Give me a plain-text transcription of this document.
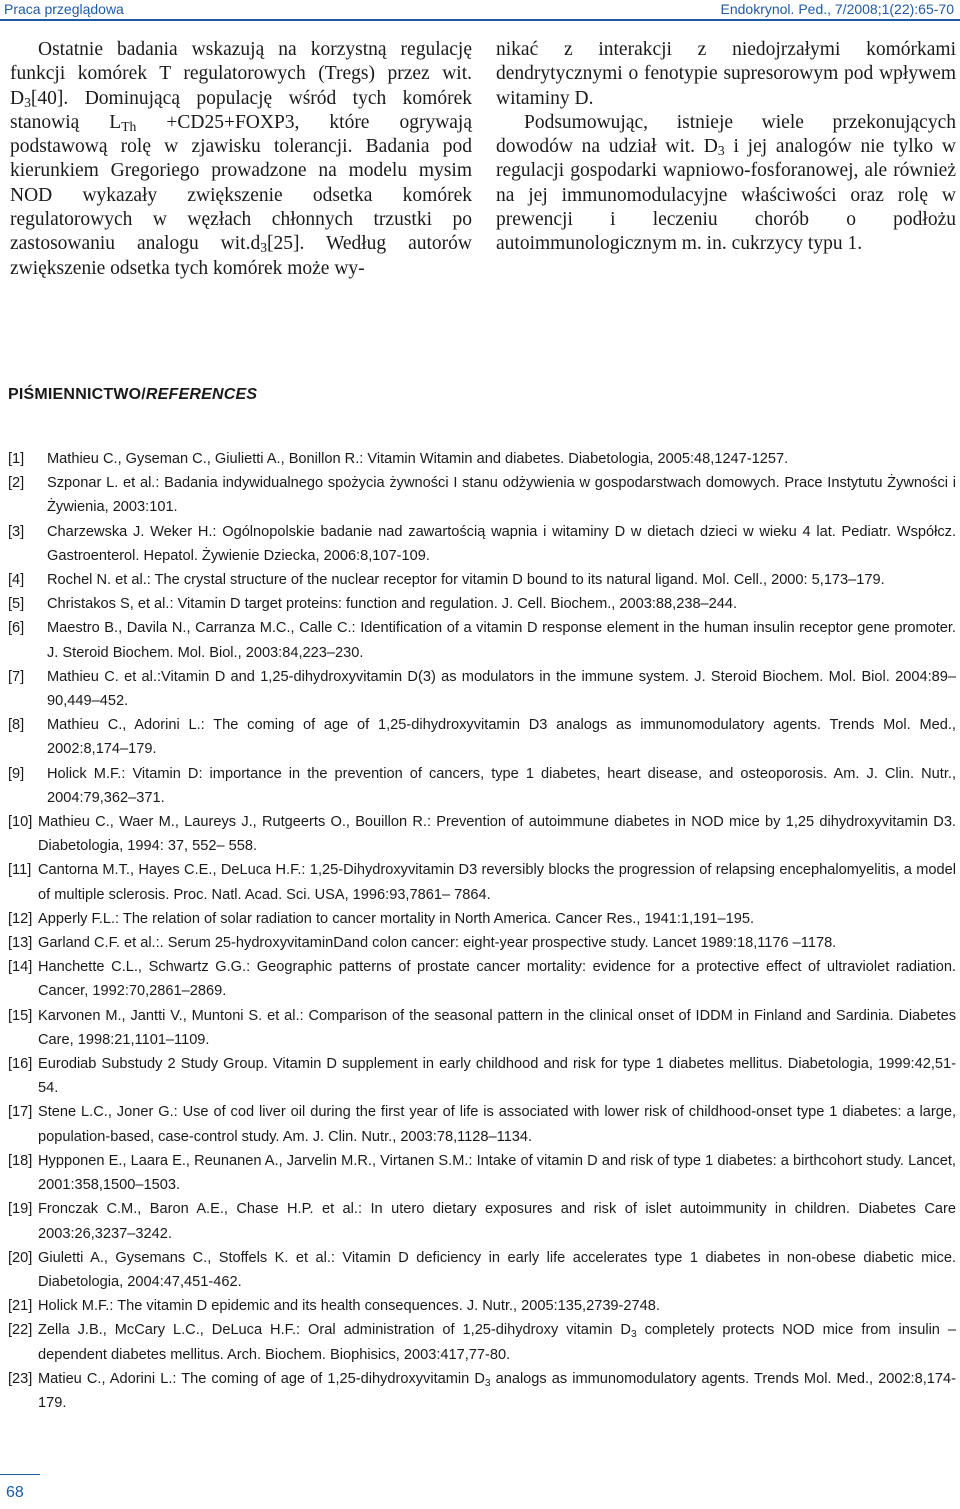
Praca przeglądowa	Endokrynol. Ped., 7/2008;1(22):65-70

Ostatnie badania wskazują na korzystną regulację funkcji komórek T regulatorowych (Tregs) przez wit. $D_3[40]$. Dominującą populację wśród tych komórek stanowią $L_{Th}$ +CD25+FOXP3, które ogrywają podstawową rolę w zjawisku tolerancji. Badania pod kierunkiem Gregoriego prowadzone na modelu mysim NOD wykazały zwiększenie odsetka komórek regulatorowych w węzłach chłonnych trzustki po zastosowaniu analogu $wit.d_3[25]$. Według autorów zwiększenie odsetka tych komórek może wy-

nikać z interakcji z niedojrzałymi komórkami dendrytycznymi o fenotypie supresorowym pod wpływem witaminy D.

Podsumowując, istnieje wiele przekonujących dowodów na udział wit. $D_3$ i jej analogów nie tylko w regulacji gospodarki wapniowo-fosforanowej, ale również na jej immunomodulacyjne właściwości oraz rolę w prewencji i leczeniu chorób o podłożu autoimmunologicznym m. in. cukrzycy typu 1.

PIŚMIENNICTWO/REFERENCES
[1]	Mathieu C., Gyseman C., Giulietti A., Bonillon R.: Vitamin Witamin and diabetes. Diabetologia, 2005:48,1247-1257.
[2]	Szponar L. et al.: Badania indywidualnego spożycia żywności I stanu odżywienia w gospodarstwach domowych. Prace Instytutu Żywności i Żywienia, 2003:101.
[3]	Charzewska J. Weker H.: Ogólnopolskie badanie nad zawartością wapnia i witaminy D w dietach dzieci w wieku 4 lat. Pediatr. Współcz. Gastroenterol. Hepatol. Żywienie Dziecka, 2006:8,107-109.
[4]	Rochel N. et al.: The crystal structure of the nuclear receptor for vitamin D bound to its natural ligand. Mol. Cell., 2000: 5,173–179.
[5]	Christakos S, et al.: Vitamin D target proteins: function and regulation. J. Cell. Biochem., 2003:88,238–244.
[6]	Maestro B., Davila N., Carranza M.C., Calle C.: Identification of a vitamin D response element in the human insulin receptor gene promoter. J. Steroid Biochem. Mol. Biol., 2003:84,223–230.
[7]	Mathieu C. et al.:Vitamin D and 1,25-dihydroxyvitamin D(3) as modulators in the immune system. J. Steroid Biochem. Mol. Biol. 2004:89–90,449–452.
[8]	Mathieu C., Adorini L.: The coming of age of 1,25-dihydroxyvitamin D3 analogs as immunomodulatory agents. Trends Mol. Med., 2002:8,174–179.
[9]	Holick M.F.: Vitamin D: importance in the prevention of cancers, type 1 diabetes, heart disease, and osteoporosis. Am. J. Clin. Nutr., 2004:79,362–371.
[10] Mathieu C., Waer M., Laureys J., Rutgeerts O., Bouillon R.: Prevention of autoimmune diabetes in NOD mice by 1,25 dihydroxyvitamin D3. Diabetologia, 1994: 37, 552– 558.
[11] Cantorna M.T., Hayes C.E., DeLuca H.F.: 1,25-Dihydroxyvitamin D3 reversibly blocks the progression of relapsing encephalomyelitis, a model of multiple sclerosis. Proc. Natl. Acad. Sci. USA, 1996:93,7861– 7864.
[12] Apperly F.L.: The relation of solar radiation to cancer mortality in North America. Cancer Res., 1941:1,191–195.
[13] Garland C.F. et al.:. Serum 25-hydroxyvitaminDand colon cancer: eight-year prospective study. Lancet 1989:18,1176 –1178.
[14] Hanchette C.L., Schwartz G.G.: Geographic patterns of prostate cancer mortality: evidence for a protective effect of ultraviolet radiation. Cancer, 1992:70,2861–2869.
[15] Karvonen M., Jantti V., Muntoni S. et al.: Comparison of the seasonal pattern in the clinical onset of IDDM in Finland and Sardinia. Diabetes Care, 1998:21,1101–1109.
[16] Eurodiab Substudy 2 Study Group. Vitamin D supplement in early childhood and risk for type 1 diabetes mellitus. Diabetologia, 1999:42,51-54.
[17] Stene L.C., Joner G.: Use of cod liver oil during the first year of life is associated with lower risk of childhood-onset type 1 diabetes: a large, population-based, case-control study. Am. J. Clin. Nutr., 2003:78,1128–1134.
[18] Hypponen E., Laara E., Reunanen A., Jarvelin M.R., Virtanen S.M.: Intake of vitamin D and risk of type 1 diabetes: a birthcohort study. Lancet, 2001:358,1500–1503.
[19] Fronczak C.M., Baron A.E., Chase H.P. et al.: In utero dietary exposures and risk of islet autoimmunity in children. Diabetes Care 2003:26,3237–3242.
[20] Giuletti A., Gysemans C., Stoffels K. et al.: Vitamin D deficiency in early life accelerates type 1 diabetes in non-obese diabetic mice. Diabetologia, 2004:47,451-462.
[21] Holick M.F.: The vitamin D epidemic and its health consequences. J. Nutr., 2005:135,2739-2748.
[22] Zella J.B., McCary L.C., DeLuca H.F.: Oral administration of 1,25-dihydroxy vitamin $D_3$ completely protects NOD mice from insulin – dependent diabetes mellitus. Arch. Biochem. Biophisics, 2003:417,77-80.
[23] Matieu C., Adorini L.: The coming of age of 1,25-dihydroxyvitamin $D_3$ analogs as immunomodulatory agents. Trends Mol. Med., 2002:8,174-179.
68
